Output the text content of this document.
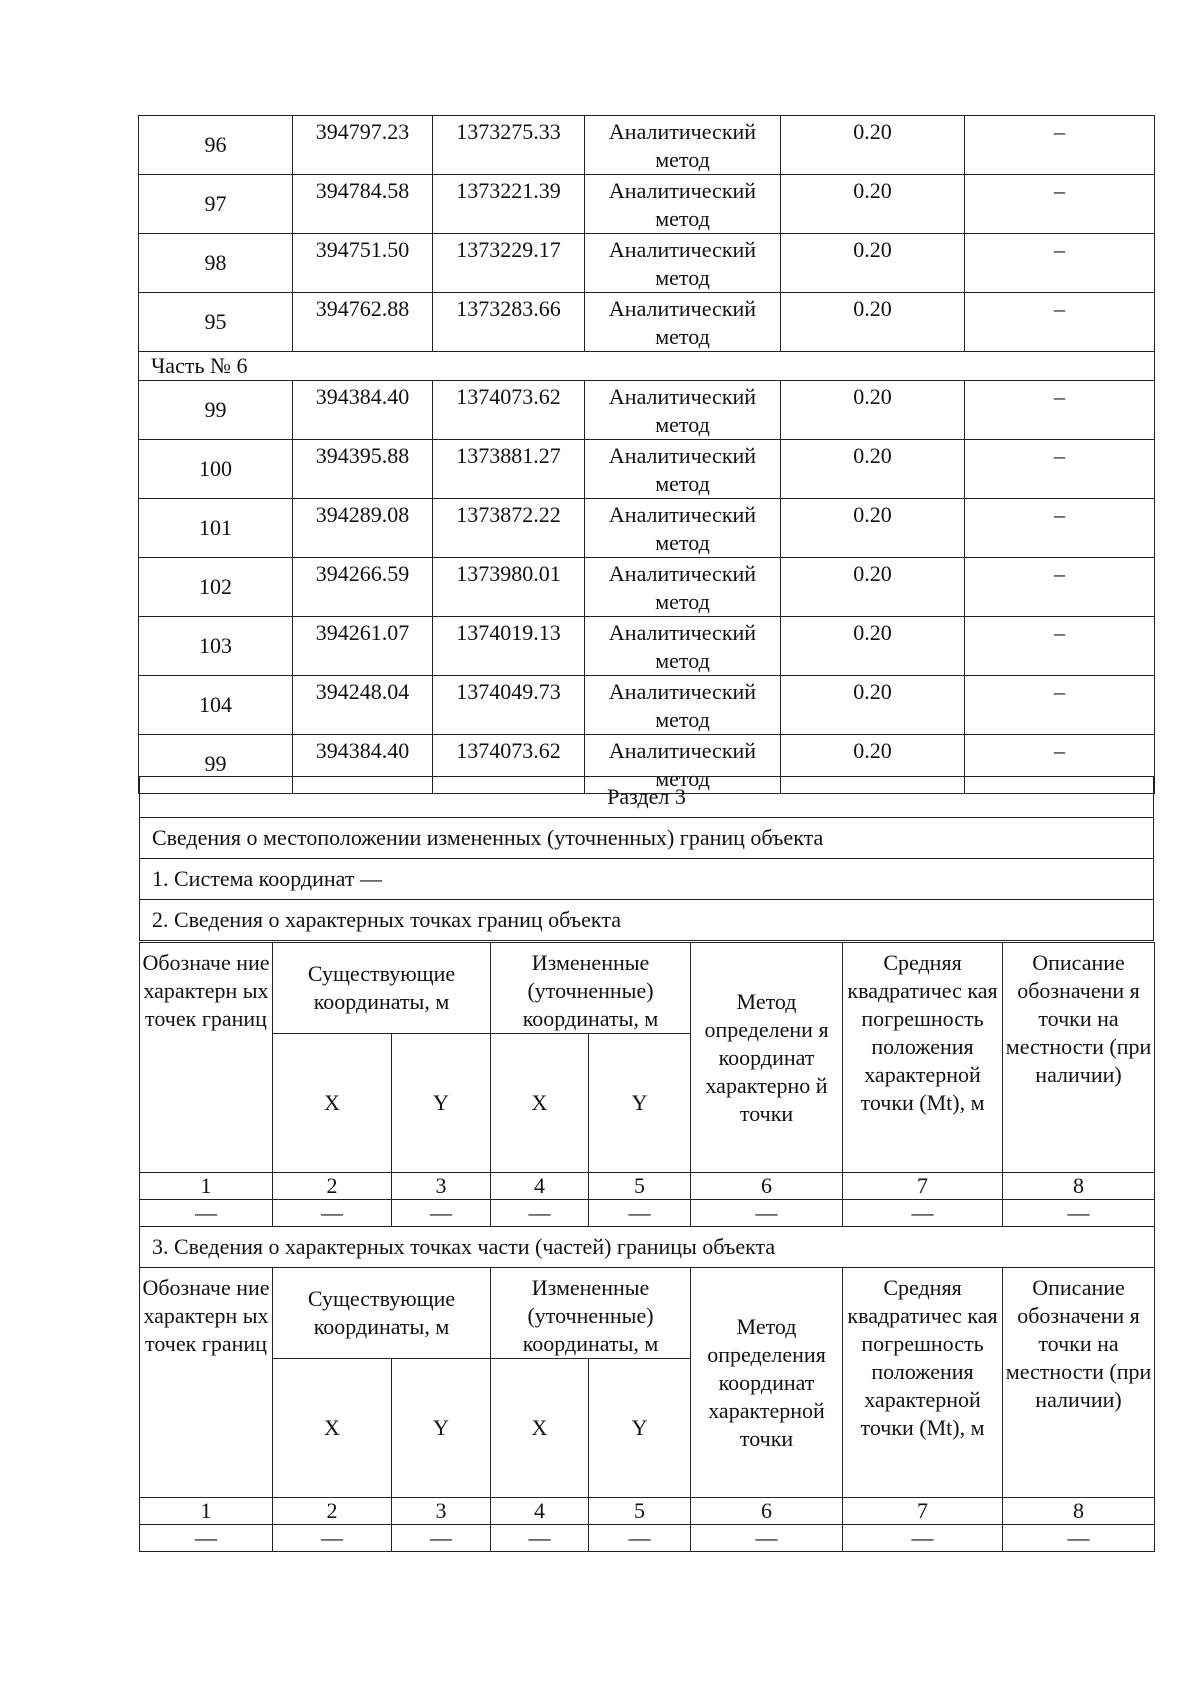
96	394797.23	1373275.33	Аналитический метод	0.20	–
97	394784.58	1373221.39	Аналитический метод	0.20	–
98	394751.50	1373229.17	Аналитический метод	0.20	–
95	394762.88	1373283.66	Аналитический метод	0.20	–
Часть № 6					
99	394384.40	1374073.62	Аналитический метод	0.20	–
100	394395.88	1373881.27	Аналитический метод	0.20	–
101	394289.08	1373872.22	Аналитический метод	0.20	–
102	394266.59	1373980.01	Аналитический метод	0.20	–
103	394261.07	1374019.13	Аналитический метод	0.20	–
104	394248.04	1374049.73	Аналитический метод	0.20	–
99	394384.40	1374073.62	Аналитический метод	0.20	–
Раздел 3
Сведения о местоположении измененных (уточненных) границ объекта
1. Система координат —
2. Сведения о характерных точках границ объекта
Обозначе ние характерн ых точек границ	Существующие координаты, м		Измененные (уточненные) координаты, м		Метод определени я координат характерно й точки	Средняя квадратичес кая погрешность положения характерной точки (Mt), м	Описание обозначени я точки на местности (при наличии)
	X	Y	X	Y			
1	2	3	4	5	6	7	8
—	—	—	—	—	—	—	—
3. Сведения о характерных точках части (частей) границы объекта							
Обозначе ние характерн ых точек границ	Существующие координаты, м		Измененные (уточненные) координаты, м		Метод определения координат характерной точки	Средняя квадратичес кая погрешность положения характерной точки (Mt), м	Описание обозначени я точки на местности (при наличии)
	X	Y	X	Y			
1	2	3	4	5	6	7	8
—	—	—	—	—	—	—	—
